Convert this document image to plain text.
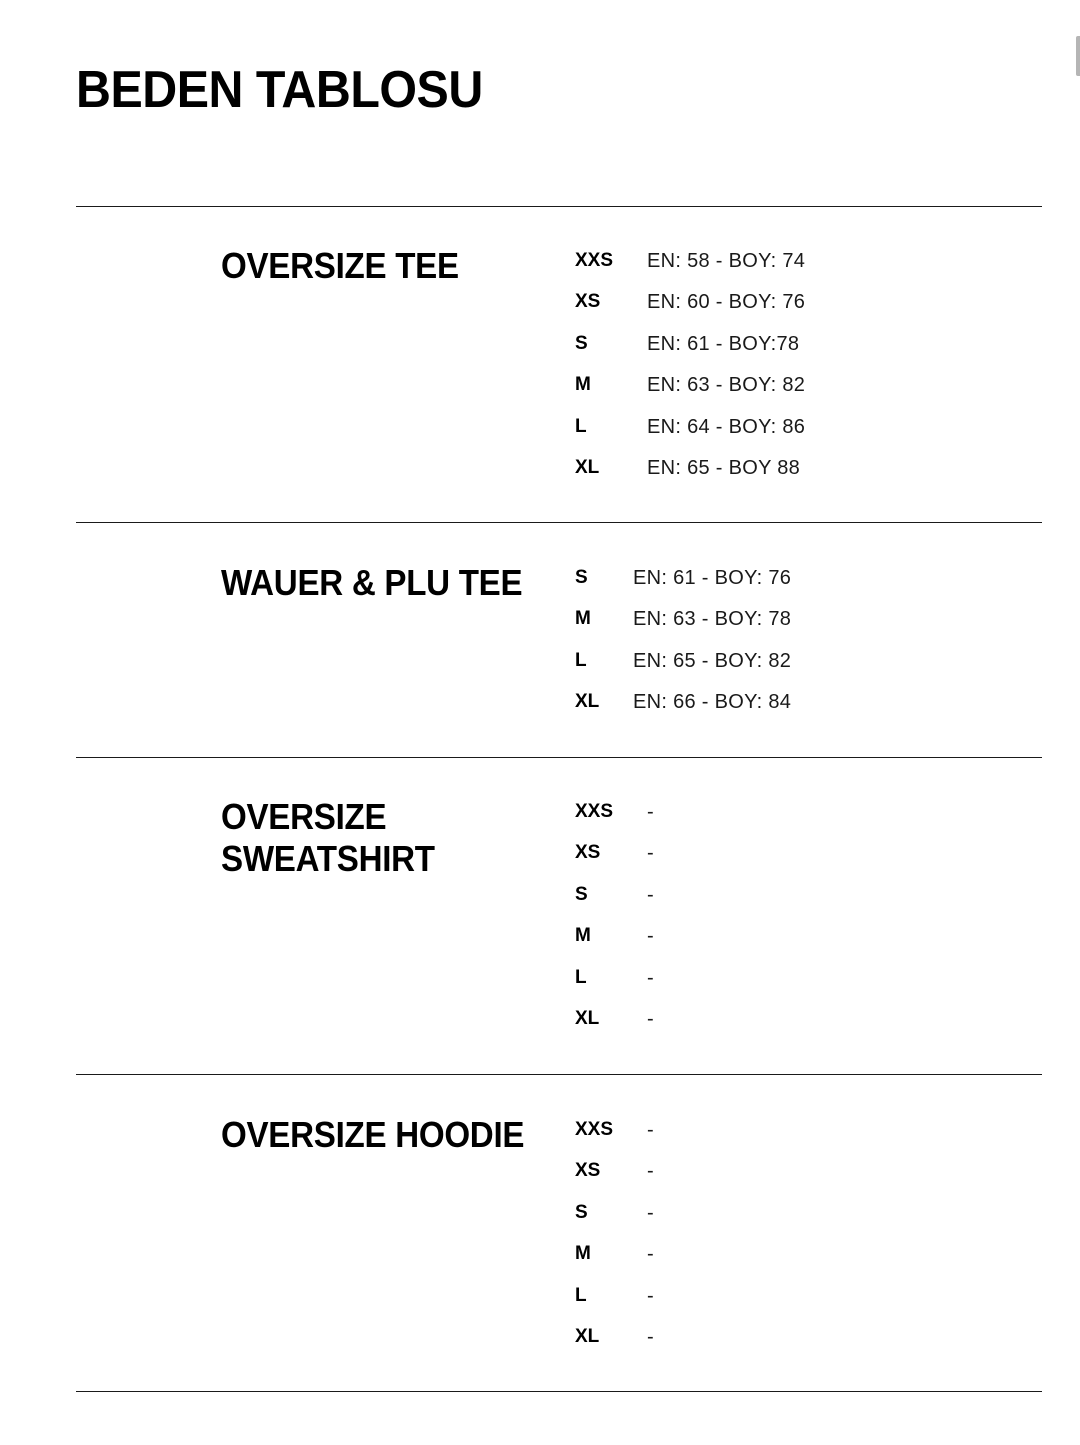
BEDEN TABLOSU
OVERSIZE TEE	XXS EN: 58 - BOY: 74
XS EN: 60 - BOY: 76
S	EN: 61 - BOY:78
M	EN: 63 - BOY: 82
L	EN: 64 - BOY: 86
XL EN: 65 - BOY 88
WAUER & PLU TEE	S EN: 61 - BOY: 76
M EN: 63 - BOY: 78
L EN: 65 - BOY: 82
XL EN: 66 - BOY: 84
OVERSIZE
SWEATSHIRT
XXS -
XS -
S	-
M	-
L	-
XL -
OVERSIZE HOODIE	XXS -
XS -
S	-
M	-
L	-
XL -
